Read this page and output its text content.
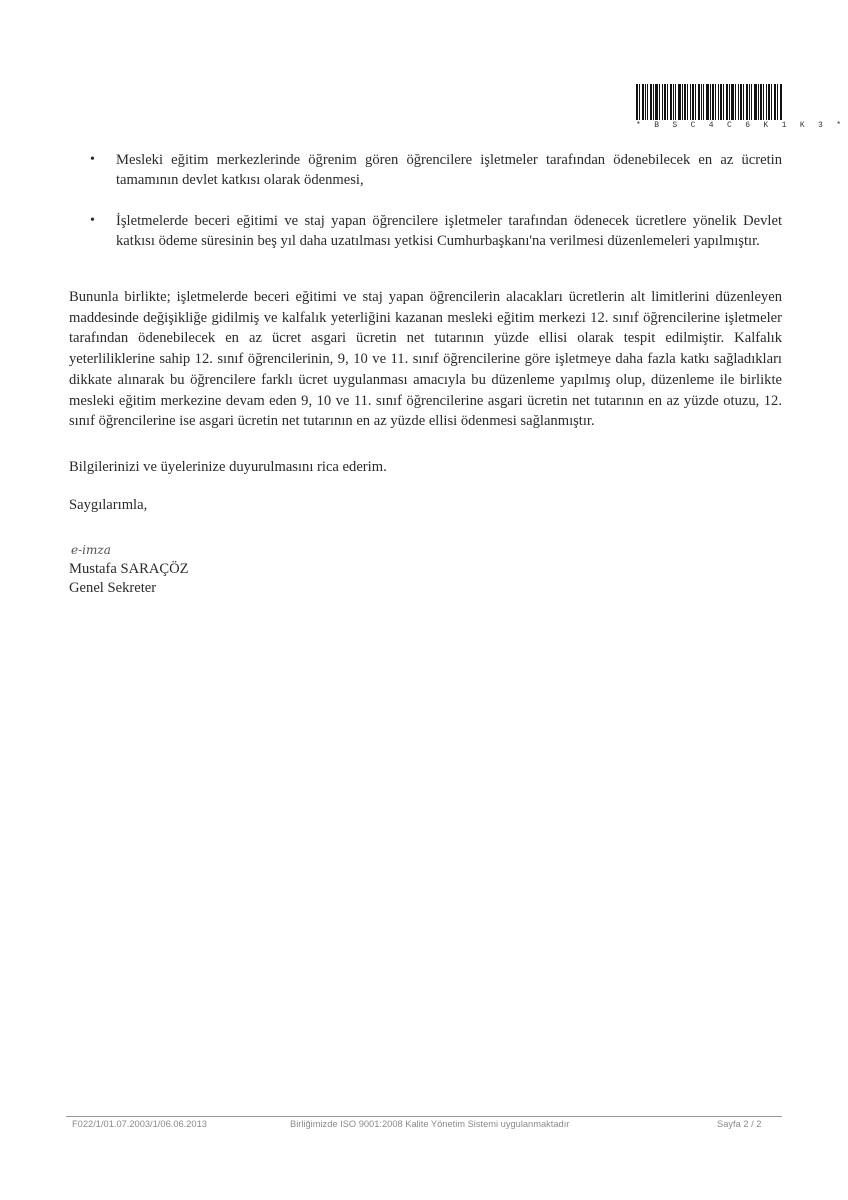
* B S C 4 C 6 K 1 K 3 *
• Mesleki eğitim merkezlerinde öğrenim gören öğrencilere işletmeler tarafından ödenebilecek en az ücretin tamamının devlet katkısı olarak ödenmesi,
• İşletmelerde beceri eğitimi ve staj yapan öğrencilere işletmeler tarafından ödenecek ücretlere yönelik Devlet katkısı ödeme süresinin beş yıl daha uzatılması yetkisi Cumhurbaşkanı'na verilmesi düzenlemeleri yapılmıştır.

Bununla birlikte; işletmelerde beceri eğitimi ve staj yapan öğrencilerin alacakları ücretlerin alt limitlerini düzenleyen maddesinde değişikliğe gidilmiş ve kalfalık yeterliğini kazanan mesleki eğitim merkezi 12. sınıf öğrencilerine işletmeler tarafından ödenebilecek en az ücret asgari ücretin net tutarının yüzde ellisi olarak tespit edilmiştir. Kalfalık yeterliliklerine sahip 12. sınıf öğrencilerinin, 9, 10 ve 11. sınıf öğrencilerine göre işletmeye daha fazla katkı sağladıkları dikkate alınarak bu öğrencilere farklı ücret uygulanması amacıyla bu düzenleme yapılmış olup, düzenleme ile birlikte mesleki eğitim merkezine devam eden 9, 10 ve 11. sınıf öğrencilerine asgari ücretin net tutarının en az yüzde otuzu, 12. sınıf öğrencilerine ise asgari ücretin net tutarının en az yüzde ellisi ödenmesi sağlanmıştır.

Bilgilerinizi ve üyelerinize duyurulmasını rica ederim.

Saygılarımla,

e-imza
Mustafa SARAÇÖZ
Genel Sekreter
F022/1/01.07.2003/1/06.06.2013	Birliğimizde ISO 9001:2008 Kalite Yönetim Sistemi uygulanmaktadır	Sayfa 2 / 2
